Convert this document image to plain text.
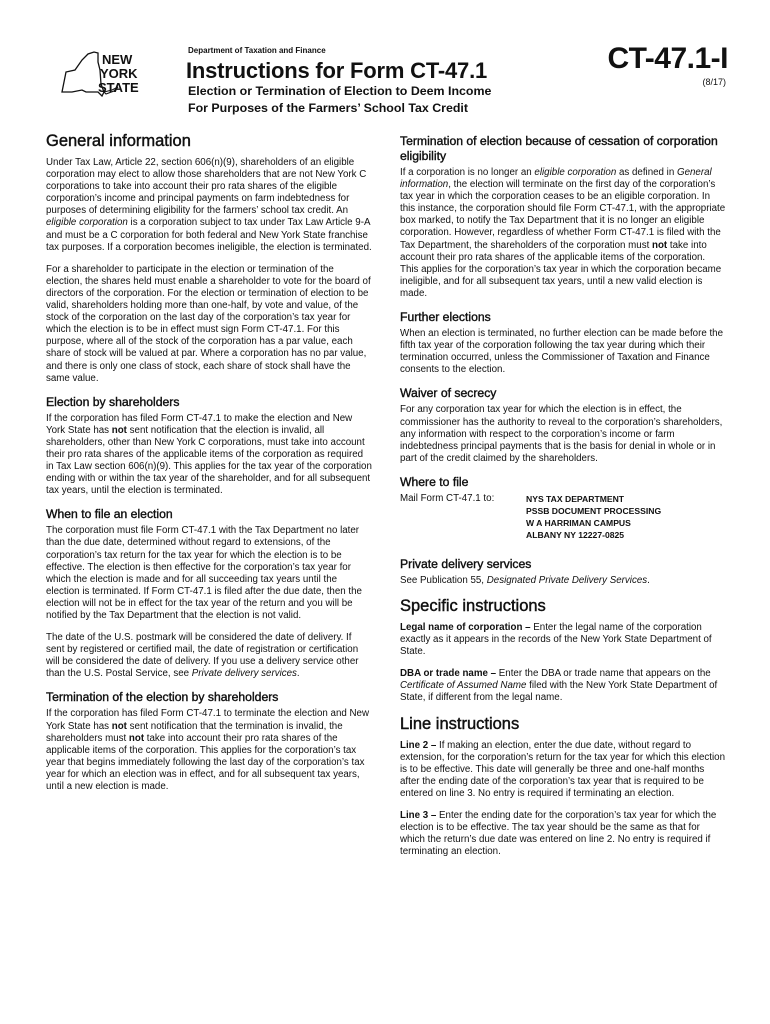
NEW
YORK
STATE
Department of Taxation and Finance
Instructions for Form CT-47.1
Election or Termination of Election to Deem Income
For Purposes of the Farmers’ School Tax Credit
CT-47.1-I
(8/17)
General information

Under Tax Law, Article 22, section 606(n)(9), shareholders of an eligible corporation may elect to allow those shareholders that are not New York C corporations to take into account their pro rata shares of the eligible corporation’s income and principal payments on farm indebtedness for purposes of determining eligibility for the farmers’ school tax credit. An eligible corporation is a corporation subject to tax under Tax Law Article 9-A and must be a C corporation for both federal and New York State franchise tax purposes. If a corporation becomes ineligible, the election is terminated.

For a shareholder to participate in the election or termination of the election, the shares held must enable a shareholder to vote for the board of directors of the corporation. For the election or termination of election to be valid, shareholders holding more than one-half, by vote and value, of the stock of the corporation on the last day of the corporation’s tax year for which the election is to be in effect must sign Form CT-47.1. For this purpose, where all of the stock of the corporation has a par value, each share of stock will be valued at par. Where a corporation has no par value, and there is only one class of stock, each share of stock shall have the same value.

Election by shareholders

If the corporation has filed Form CT-47.1 to make the election and New York State has not sent notification that the election is invalid, all shareholders, other than New York C corporations, must take into account their pro rata shares of the applicable items of the corporation as required in Tax Law section 606(n)(9). This applies for the tax year of the corporation ending with or within the tax year of the shareholder, and for all subsequent tax years, until the election is terminated.

When to file an election

The corporation must file Form CT-47.1 with the Tax Department no later than the due date, determined without regard to extensions, of the corporation’s tax return for the tax year for which the election is to be effective. The election is then effective for the corporation’s tax year for which the election is made and for all succeeding tax years until the election is terminated. If Form CT-47.1 is filed after the due date, then the election will not be in effect for the tax year of the return and you will be notified by the Tax Department that the election is not valid.

The date of the U.S. postmark will be considered the date of delivery. If sent by registered or certified mail, the date of registration or certification will be considered the date of delivery. If you use a delivery service other than the U.S. Postal Service, see Private delivery services.

Termination of the election by shareholders

If the corporation has filed Form CT-47.1 to terminate the election and New York State has not sent notification that the termination is invalid, the shareholders must not take into account their pro rata shares of the applicable items of the corporation. This applies for the corporation’s tax year that begins immediately following the last day of the corporation’s tax year for which an election was in effect, and for all subsequent tax years, until a new election is made.

Termination of election because of cessation of corporation eligibility

If a corporation is no longer an eligible corporation as defined in General information, the election will terminate on the first day of the corporation’s tax year in which the corporation ceases to be an eligible corporation. In this instance, the corporation should file Form CT-47.1, with the appropriate box marked, to notify the Tax Department that it is no longer an eligible corporation. However, regardless of whether Form CT-47.1 is filed with the Tax Department, the shareholders of the corporation must not take into account their pro rata shares of the applicable items of the corporation. This applies for the corporation’s tax year in which the corporation became ineligible, and for all subsequent tax years, until a new valid election is made.

Further elections

When an election is terminated, no further election can be made before the fifth tax year of the corporation following the tax year during which their termination occurred, unless the Commissioner of Taxation and Finance consents to the election.

Waiver of secrecy

For any corporation tax year for which the election is in effect, the commissioner has the authority to reveal to the corporation’s shareholders, any information with respect to the corporation’s income or farm indebtedness principal payments that is the basis for denial in whole or in part of the credit claimed by the shareholders.

Where to file
Mail Form CT-47.1 to:	NYS TAX DEPARTMENT
PSSB DOCUMENT PROCESSING
W A HARRIMAN CAMPUS
ALBANY NY 12227-0825
Private delivery services

See Publication 55, Designated Private Delivery Services.

Specific instructions

Legal name of corporation – Enter the legal name of the corporation exactly as it appears in the records of the New York State Department of State.

DBA or trade name – Enter the DBA or trade name that appears on the Certificate of Assumed Name filed with the New York State Department of State, if different from the legal name.

Line instructions

Line 2 – If making an election, enter the due date, without regard to extension, for the corporation’s return for the tax year for which this election is to be effective. This date will generally be three and one-half months after the ending date of the corporation’s tax year that is required to be entered on line 3. No entry is required if terminating an election.

Line 3 – Enter the ending date for the corporation’s tax year for which the election is to be effective. The tax year should be the same as that for which the return’s due date was entered on line 2. No entry is required if terminating an election.
